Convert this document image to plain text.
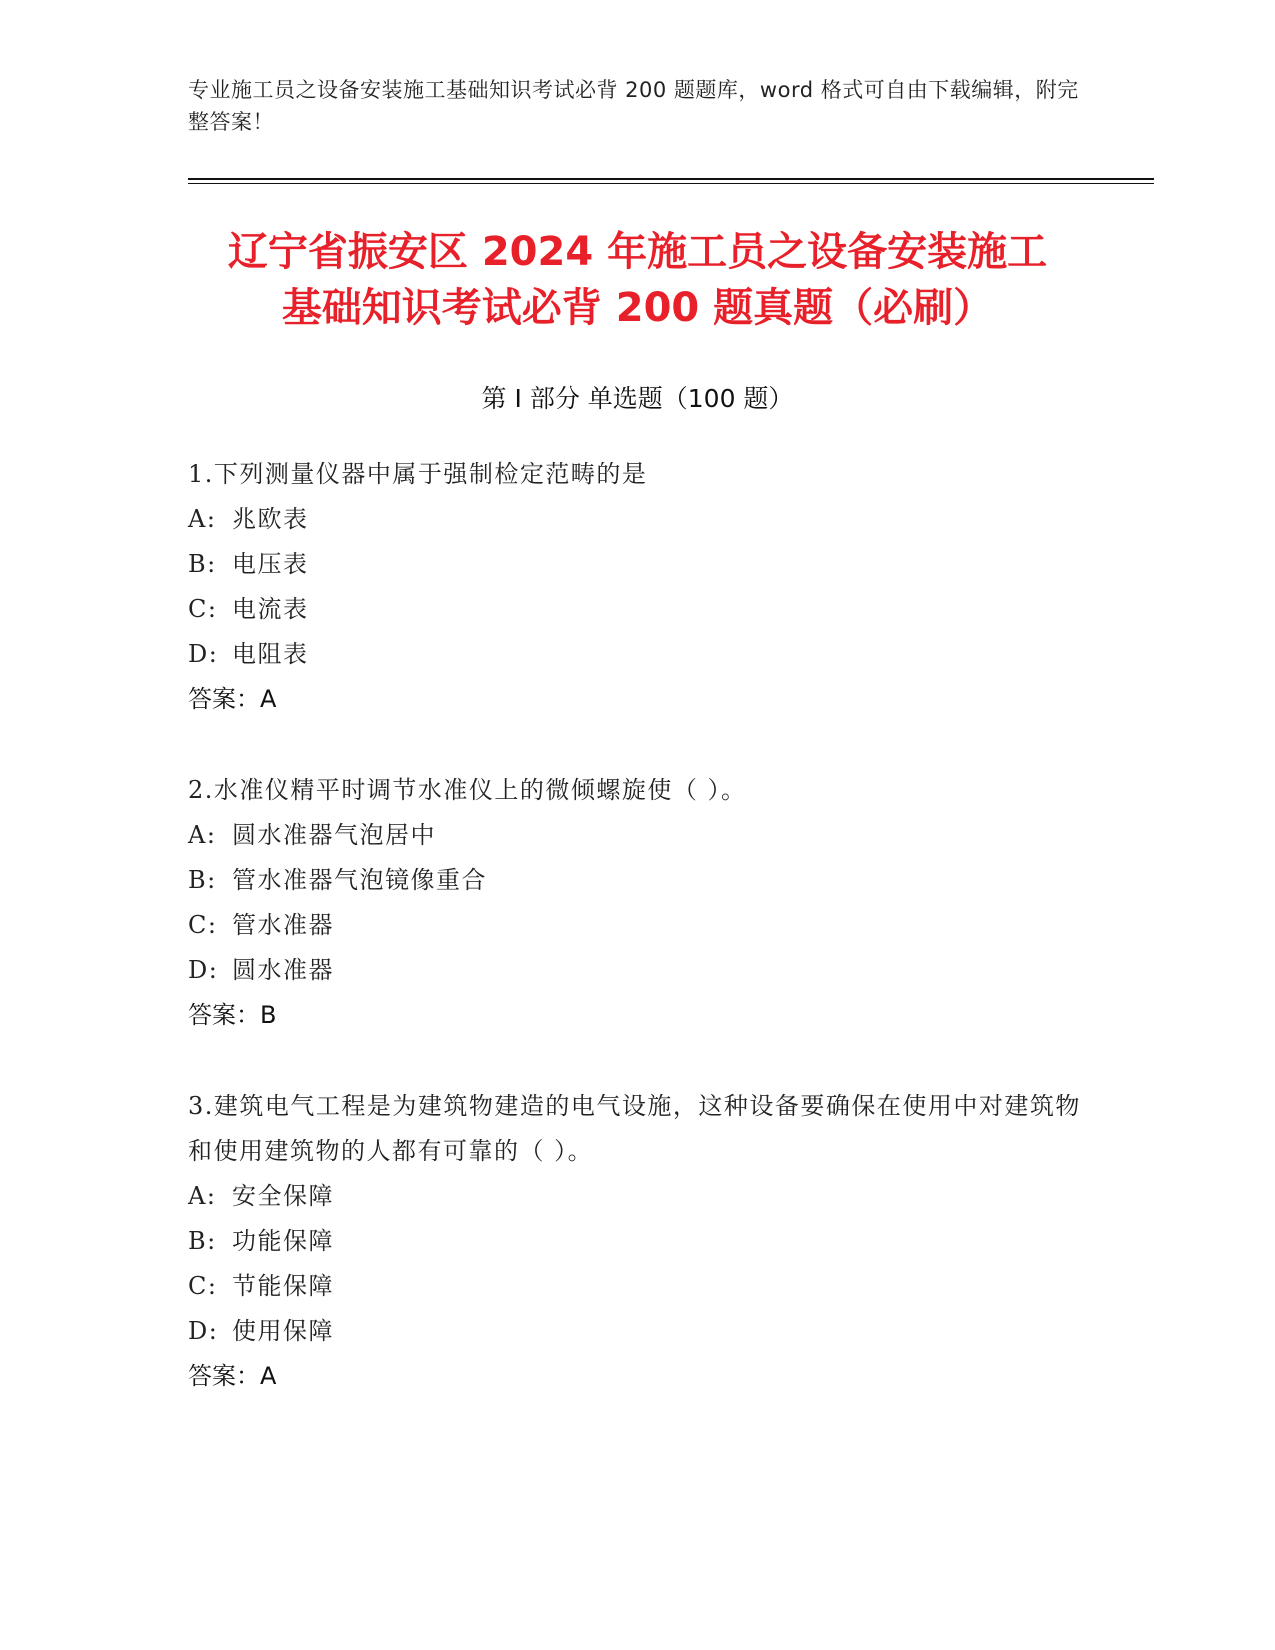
专业施工员之设备安装施工基础知识考试必背 200 题题库，word 格式可自由下载编辑，附完整答案！
辽宁省振安区 2024 年施工员之设备安装施工
基础知识考试必背 200 题真题（必刷）
第 I 部分 单选题（100 题）
1.下列测量仪器中属于强制检定范畴的是
A: 兆欧表
B: 电压表
C: 电流表
D: 电阻表
答案：A
2.水准仪精平时调节水准仪上的微倾螺旋使（ ）。
A: 圆水准器气泡居中
B: 管水准器气泡镜像重合
C: 管水准器
D: 圆水准器
答案：B
3.建筑电气工程是为建筑物建造的电气设施，这种设备要确保在使用中对建筑物和使用建筑物的人都有可靠的（ ）。
A: 安全保障
B: 功能保障
C: 节能保障
D: 使用保障
答案：A
